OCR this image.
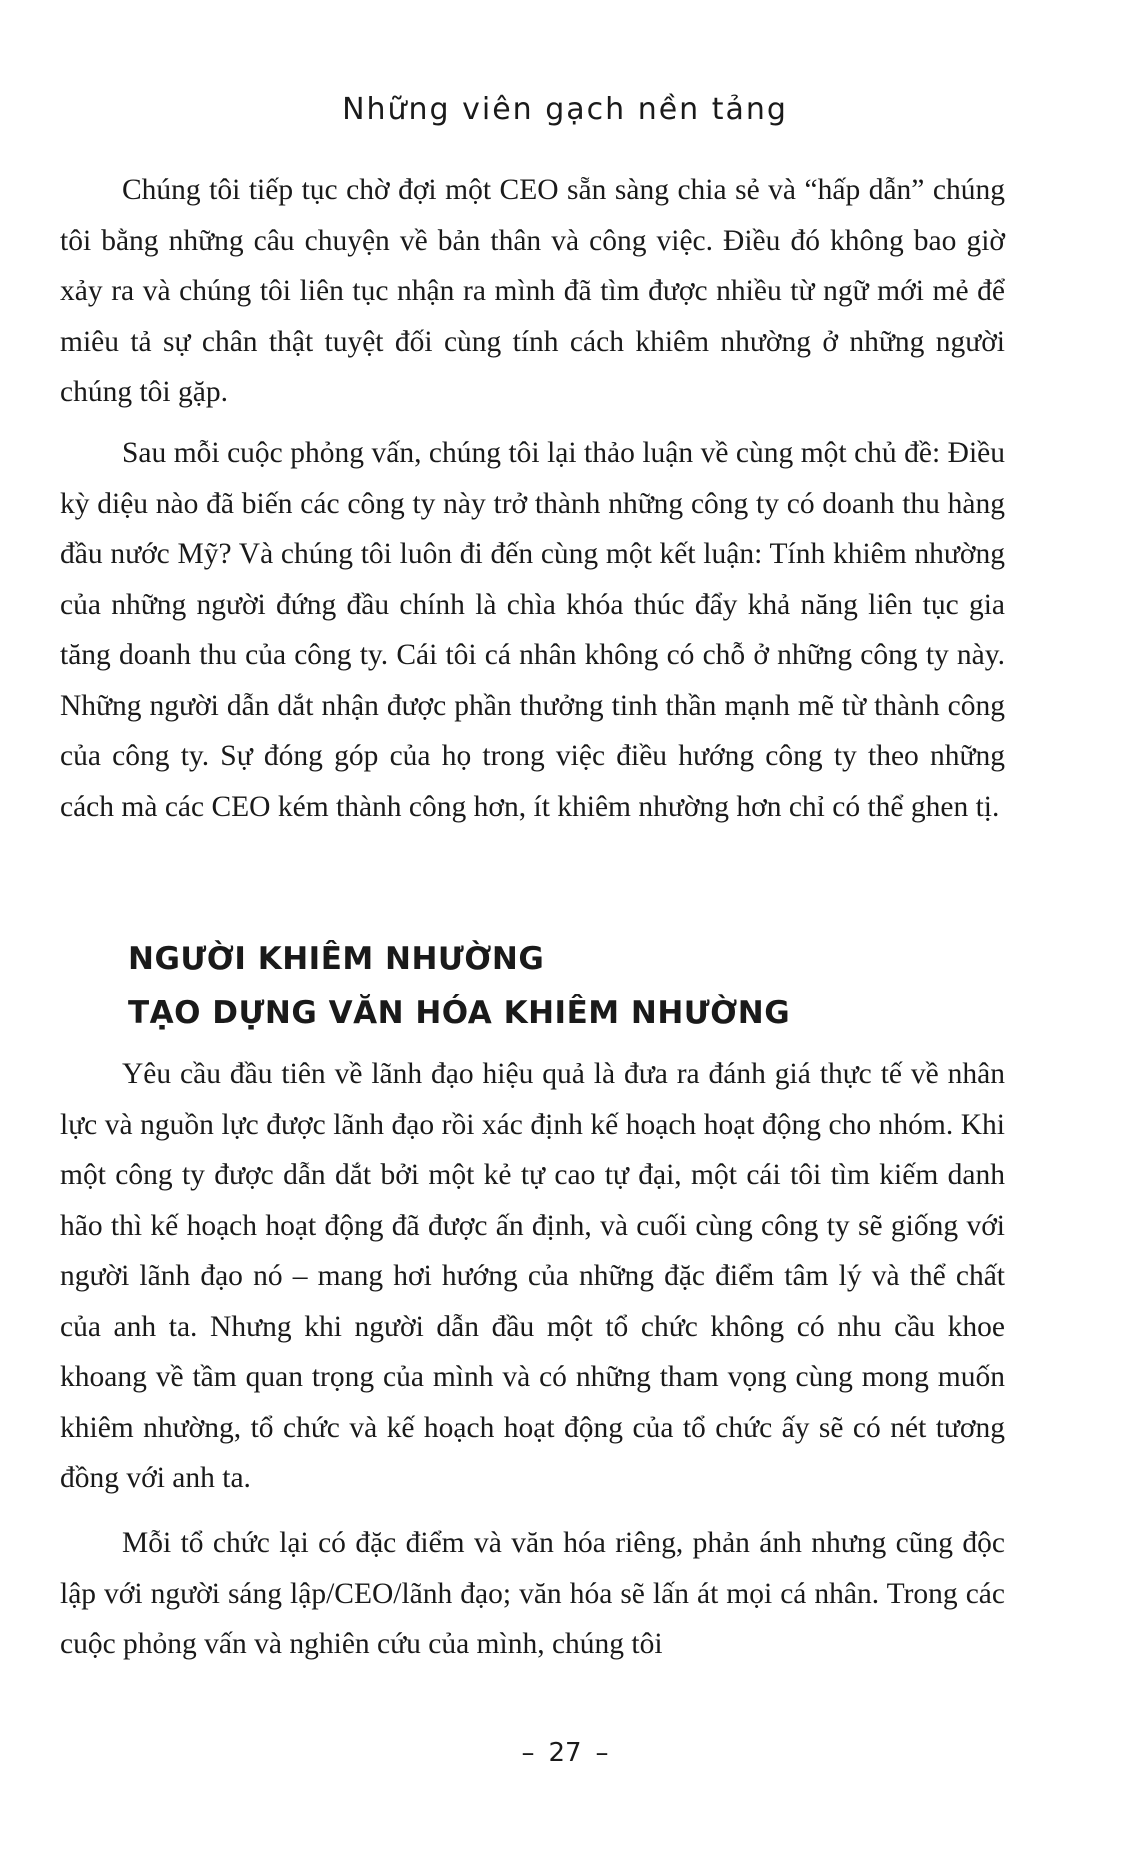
Những viên gạch nền tảng

Chúng tôi tiếp tục chờ đợi một CEO sẵn sàng chia sẻ và “hấp dẫn” chúng tôi bằng những câu chuyện về bản thân và công việc. Điều đó không bao giờ xảy ra và chúng tôi liên tục nhận ra mình đã tìm được nhiều từ ngữ mới mẻ để miêu tả sự chân thật tuyệt đối cùng tính cách khiêm nhường ở những người chúng tôi gặp.

Sau mỗi cuộc phỏng vấn, chúng tôi lại thảo luận về cùng một chủ đề: Điều kỳ diệu nào đã biến các công ty này trở thành những công ty có doanh thu hàng đầu nước Mỹ? Và chúng tôi luôn đi đến cùng một kết luận: Tính khiêm nhường của những người đứng đầu chính là chìa khóa thúc đẩy khả năng liên tục gia tăng doanh thu của công ty. Cái tôi cá nhân không có chỗ ở những công ty này. Những người dẫn dắt nhận được phần thưởng tinh thần mạnh mẽ từ thành công của công ty. Sự đóng góp của họ trong việc điều hướng công ty theo những cách mà các CEO kém thành công hơn, ít khiêm nhường hơn chỉ có thể ghen tị.

NGƯỜI KHIÊM NHƯỜNG
TẠO DỰNG VĂN HÓA KHIÊM NHƯỜNG

Yêu cầu đầu tiên về lãnh đạo hiệu quả là đưa ra đánh giá thực tế về nhân lực và nguồn lực được lãnh đạo rồi xác định kế hoạch hoạt động cho nhóm. Khi một công ty được dẫn dắt bởi một kẻ tự cao tự đại, một cái tôi tìm kiếm danh hão thì kế hoạch hoạt động đã được ấn định, và cuối cùng công ty sẽ giống với người lãnh đạo nó – mang hơi hướng của những đặc điểm tâm lý và thể chất của anh ta. Nhưng khi người dẫn đầu một tổ chức không có nhu cầu khoe khoang về tầm quan trọng của mình và có những tham vọng cùng mong muốn khiêm nhường, tổ chức và kế hoạch hoạt động của tổ chức ấy sẽ có nét tương đồng với anh ta.

Mỗi tổ chức lại có đặc điểm và văn hóa riêng, phản ánh nhưng cũng độc lập với người sáng lập/CEO/lãnh đạo; văn hóa sẽ lấn át mọi cá nhân. Trong các cuộc phỏng vấn và nghiên cứu của mình, chúng tôi

– 27 –
